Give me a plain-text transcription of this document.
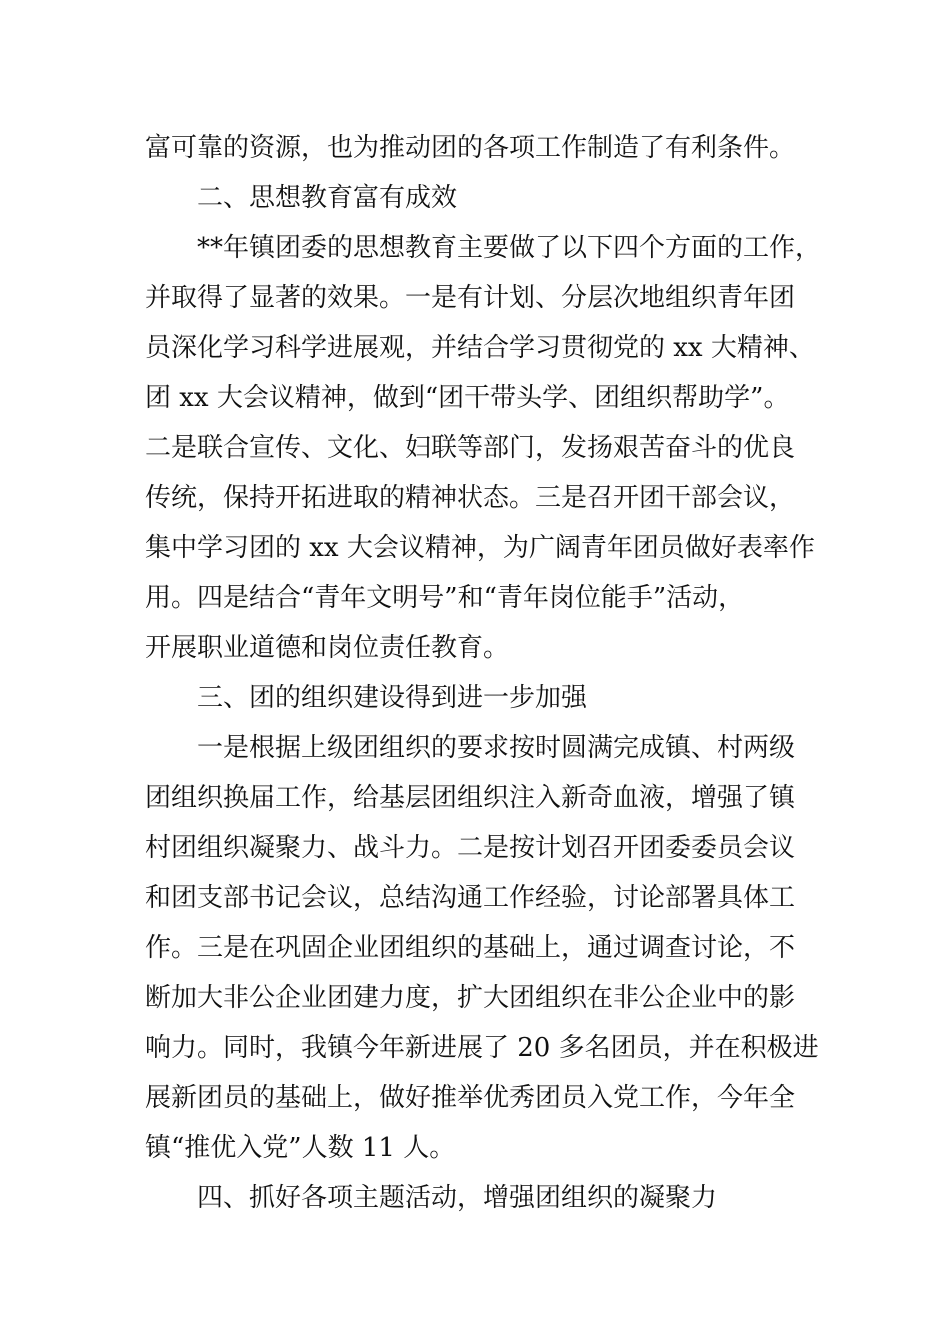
富可靠的资源，也为推动团的各项工作制造了有利条件。
二、思想教育富有成效
**年镇团委的思想教育主要做了以下四个方面的工作，
并取得了显著的效果。一是有计划、分层次地组织青年团
员深化学习科学进展观，并结合学习贯彻党的 xx 大精神、
团 xx 大会议精神，做到“团干带头学、团组织帮助学”。
二是联合宣传、文化、妇联等部门，发扬艰苦奋斗的优良
传统，保持开拓进取的精神状态。三是召开团干部会议，
集中学习团的 xx 大会议精神，为广阔青年团员做好表率作
用。四是结合“青年文明号”和“青年岗位能手”活动，
开展职业道德和岗位责任教育。
三、团的组织建设得到进一步加强
一是根据上级团组织的要求按时圆满完成镇、村两级
团组织换届工作，给基层团组织注入新奇血液，增强了镇
村团组织凝聚力、战斗力。二是按计划召开团委委员会议
和团支部书记会议，总结沟通工作经验，讨论部署具体工
作。三是在巩固企业团组织的基础上，通过调查讨论，不
断加大非公企业团建力度，扩大团组织在非公企业中的影
响力。同时，我镇今年新进展了 20 多名团员，并在积极进
展新团员的基础上，做好推举优秀团员入党工作，今年全
镇“推优入党”人数 11 人。
四、抓好各项主题活动，增强团组织的凝聚力
